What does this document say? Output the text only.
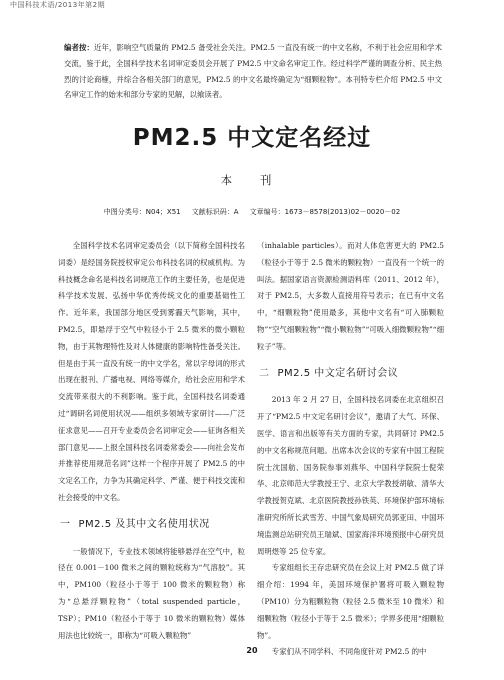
中国科技术语/2013年第2期
编者按：近年，影响空气质量的 PM2.5 备受社会关注。PM2.5 一直没有统一的中文名称，不利于社会应用和学术交流，鉴于此，全国科学技术名词审定委员会开展了 PM2.5 中文命名审定工作。经过科学严谨的调查分析、民主热烈的讨论商榷，并综合各相关部门的意见，PM2.5 的中文名最终确定为“细颗粒物”。本刊特专栏介绍 PM2.5 中文名审定工作的始末和部分专家的见解，以飨读者。
PM2.5 中文定名经过
本 刊
中图分类号：N04；X51     文献标识码：A     文章编号：1673－8578(2013)02－0020－02

全国科学技术名词审定委员会（以下简称全国科技名词委）是经国务院授权审定公布科技名词的权威机构。为科技概念命名是科技名词规范工作的主要任务，也是促进科学技术发展、弘扬中华优秀传统文化的重要基础性工作。近年来，我国部分地区受到雾霾天气影响，其中，PM2.5，即悬浮于空气中粒径小于 2.5 微米的微小颗粒物，由于其物理特性及对人体健康的影响特性备受关注。但是由于其一直没有统一的中文学名，常以字母词的形式出现在报刊、广播电视、网络等媒介，给社会应用和学术交流带来很大的不利影响。鉴于此，全国科技名词委通过“调研名词使用状况——组织多领域专家研讨——广泛征求意见——召开专业委员会名词审定会——征询各相关部门意见——上报全国科技名词委常委会——向社会发布并推荐使用规范名词”这样一个程序开展了 PM2.5 的中文定名工作，力争为其确定科学、严谨、便于科技交流和社会接受的中文名。

一 PM2.5 及其中文名使用状况

一般情况下，专业技术领域将能够悬浮在空气中，粒径在 0.001－100 微米之间的颗粒统称为“气溶胶”。其中，PM100（粒径小于等于 100 微米的颗粒物）称为“总悬浮颗粒物”（total suspended particle，TSP）；PM10（粒径小于等于 10 微米的颗粒物）媒体用法也比较统一，即称为“可吸入颗粒物”

（inhalable particles）。而对人体危害更大的 PM2.5（粒径小于等于 2.5 微米的颗粒物）一直没有一个统一的叫法。据国家语言资源检测语料库（2011、2012 年），对于 PM2.5，大多数人直接用符号表示；在已有中文名中，“细颗粒物”使用最多，其他中文名有“可入肺颗粒物”“空气细颗粒物”“微小颗粒物”“可吸入细微颗粒物”“细粒子”等。

二 PM2.5 中文定名研讨会议

2013 年 2 月 27 日，全国科技名词委在北京组织召开了“PM2.5 中文定名研讨会议”，邀请了大气、环保、医学、语言和出版等有关方面的专家，共同研讨 PM2.5 的中文名称规范问题。出席本次会议的专家有中国工程院院士沈国舫、国务院参事刘燕华、中国科学院院士倪荣华、北京师范大学教授王宁、北京大学教授胡敏、清华大学教授贺克斌、北京医院教授孙铁英、环境保护部环境标准研究所所长武雪芳、中国气象局研究员郭亚田、中国环境监测总站研究员王瑞斌、国家海洋环境预报中心研究员周明煜等 25 位专家。

专家组组长王存忠研究员在会议上对 PM2.5 做了详细介绍：1994 年，美国环境保护署将可吸入颗粒物（PM10）分为粗颗粒物（粒径 2.5 微米至 10 微米）和细颗粒物（粒径小于等于 2.5 微米）；学界多使用“细颗粒物”。

专家们从不同学科、不同角度针对 PM2.5 的中

20
